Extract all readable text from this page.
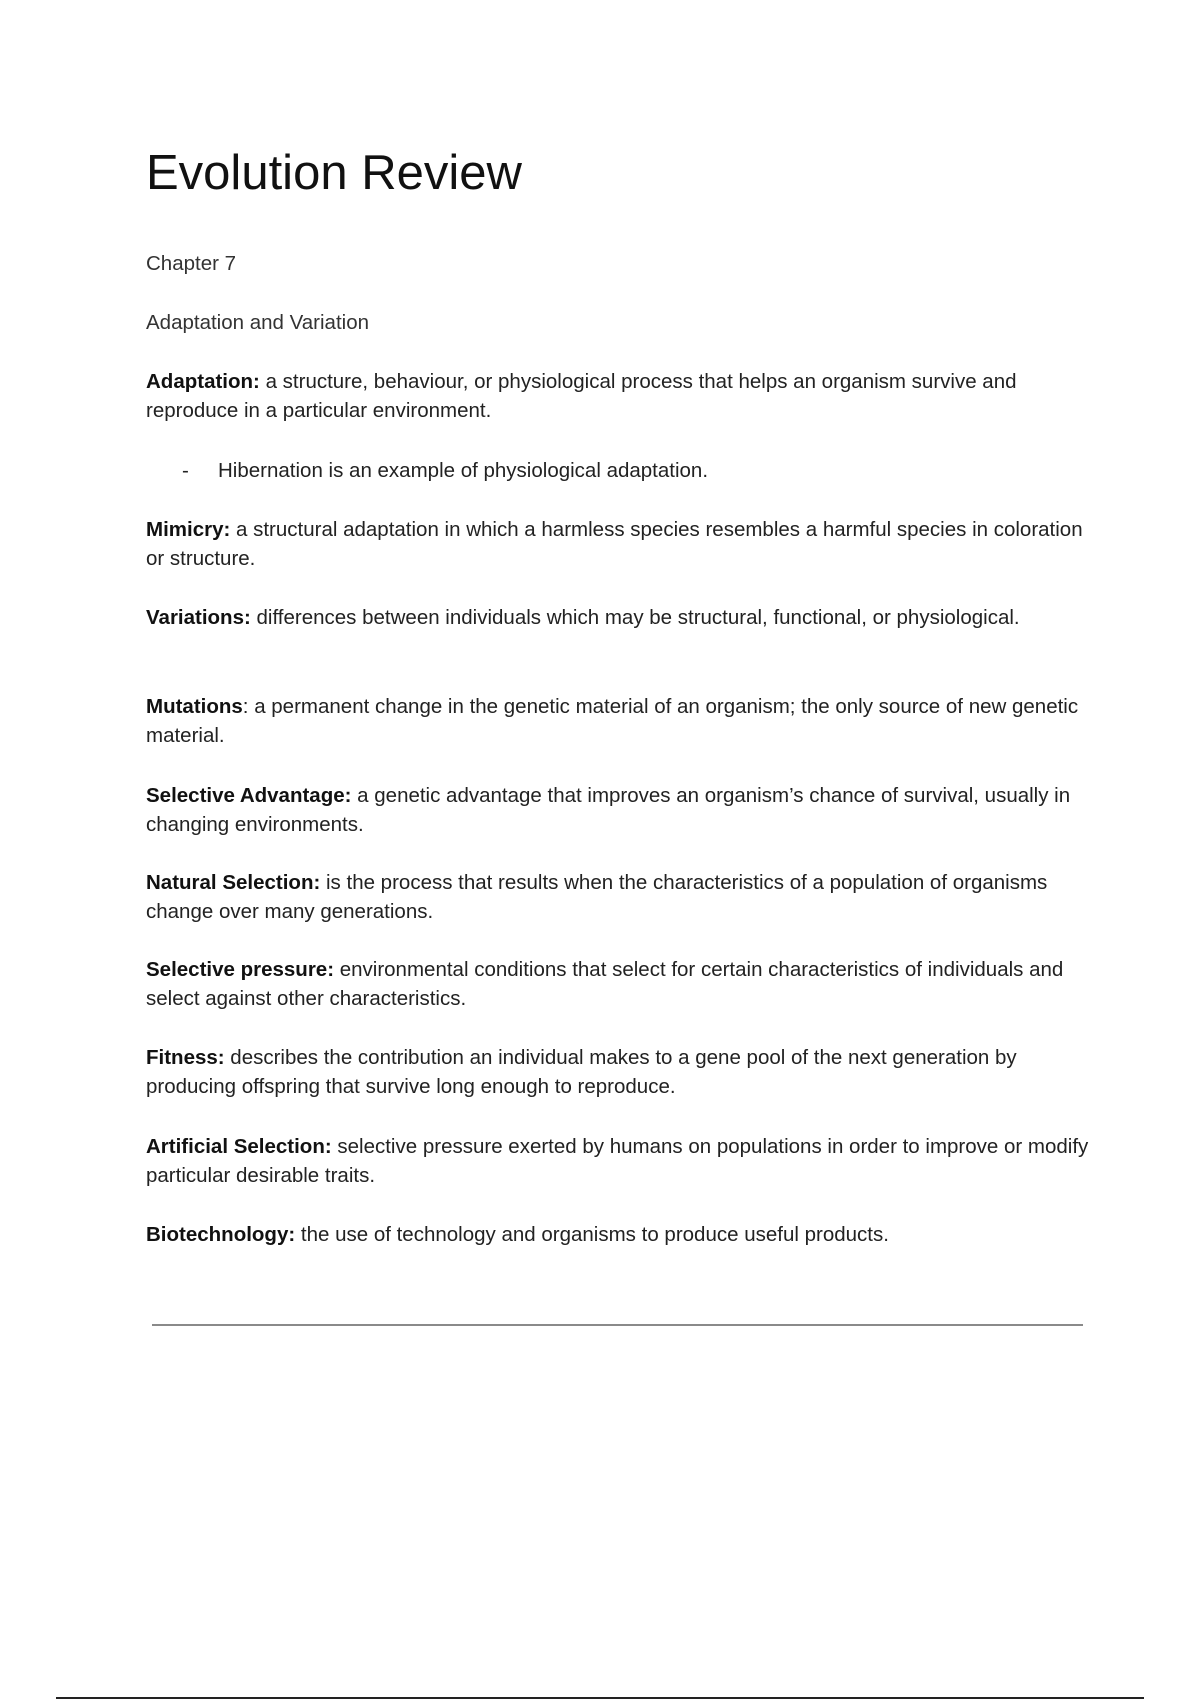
Evolution Review

Chapter 7

Adaptation and Variation

Adaptation: a structure, behaviour, or physiological process that helps an organism survive and reproduce in a particular environment.

- Hibernation is an example of physiological adaptation.

Mimicry: a structural adaptation in which a harmless species resembles a harmful species in coloration or structure.

Variations: differences between individuals which may be structural, functional, or physiological.

Mutations: a permanent change in the genetic material of an organism; the only source of new genetic material.

Selective Advantage: a genetic advantage that improves an organism’s chance of survival, usually in changing environments.

Natural Selection: is the process that results when the characteristics of a population of organisms change over many generations.

Selective pressure: environmental conditions that select for certain characteristics of individuals and select against other characteristics.

Fitness: describes the contribution an individual makes to a gene pool of the next generation by producing offspring that survive long enough to reproduce.

Artificial Selection: selective pressure exerted by humans on populations in order to improve or modify particular desirable traits.

Biotechnology: the use of technology and organisms to produce useful products.
